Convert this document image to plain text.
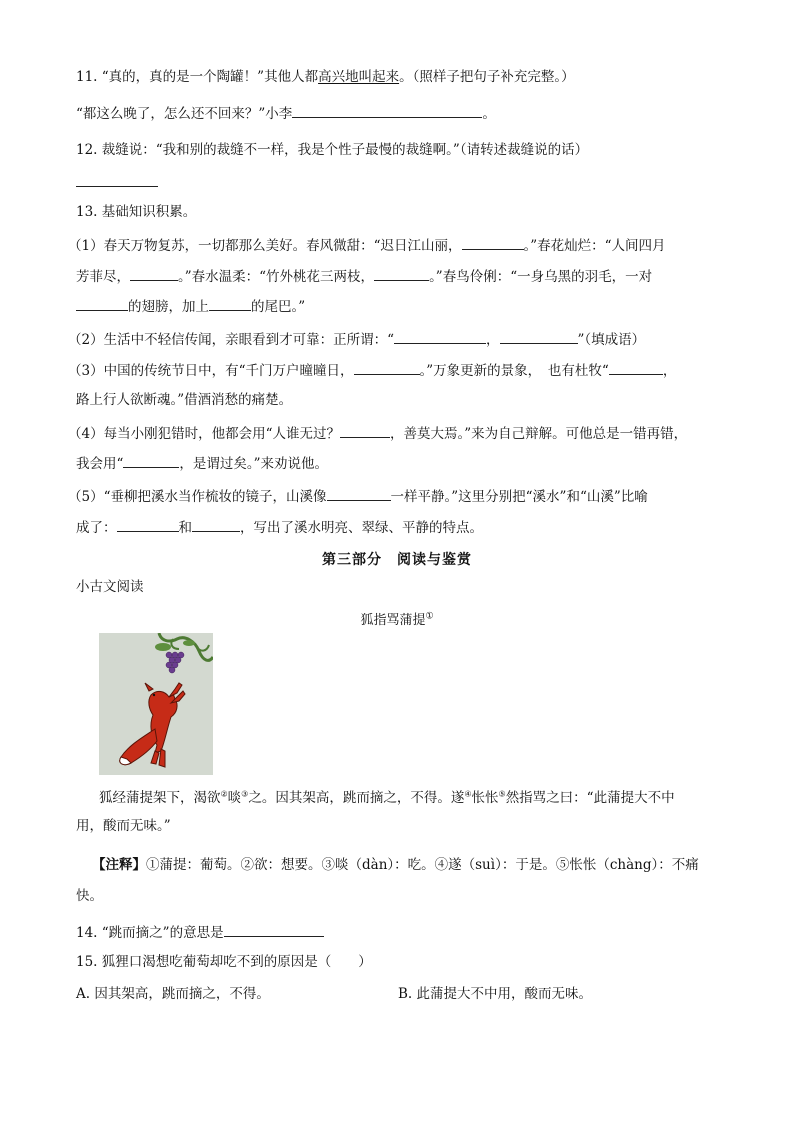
11. “真的，真的是一个陶罐！”其他人都高兴地叫起来。（照样子把句子补充完整。）
“都这么晚了，怎么还不回来？”小李	。
12. 裁缝说：“我和别的裁缝不一样，我是个性子最慢的裁缝啊。”（请转述裁缝说的话）
13. 基础知识积累。
（1）春天万物复苏，一切都那么美好。春风微甜：“迟日江山丽，	。”春花灿烂：“人间四月
芳菲尽，	。”春水温柔：“竹外桃花三两枝，	。”春鸟伶俐：“一身乌黑的羽毛，一对
的翅膀，加上	的尾巴。”
（2）生活中不轻信传闻，亲眼看到才可靠：正所谓：“	，	”（填成语）
（3）中国的传统节日中，有“千门万户曈曈日，	。”万象更新的景象，　也有杜牧“	，
路上行人欲断魂。”借酒消愁的痛楚。
（4）每当小刚犯错时，他都会用“人谁无过？	，善莫大焉。”来为自己辩解。可他总是一错再错，
我会用“	，是谓过矣。”来劝说他。
（5）“垂柳把溪水当作梳妆的镜子，山溪像	一样平静。”这里分别把“溪水”和“山溪”比喻
成了：	和	，写出了溪水明亮、翠绿、平静的特点。
第三部分　阅读与鉴赏
小古文阅读
狐指骂蒲提①
狐经蒲提架下，渴欲②啖③之。因其架高，跳而摘之，不得。遂④怅怅⑤然指骂之曰：“此蒲提大不中
用，酸而无味。”
【注释】①蒲提：葡萄。②欲：想要。③啖（dàn）：吃。④遂（suì）：于是。⑤怅怅（chàng）：不痛
快。
14. “跳而摘之”的意思是
15. 狐狸口渴想吃葡萄却吃不到的原因是（　　）
A. 因其架高，跳而摘之，不得。	B. 此蒲提大不中用，酸而无味。
